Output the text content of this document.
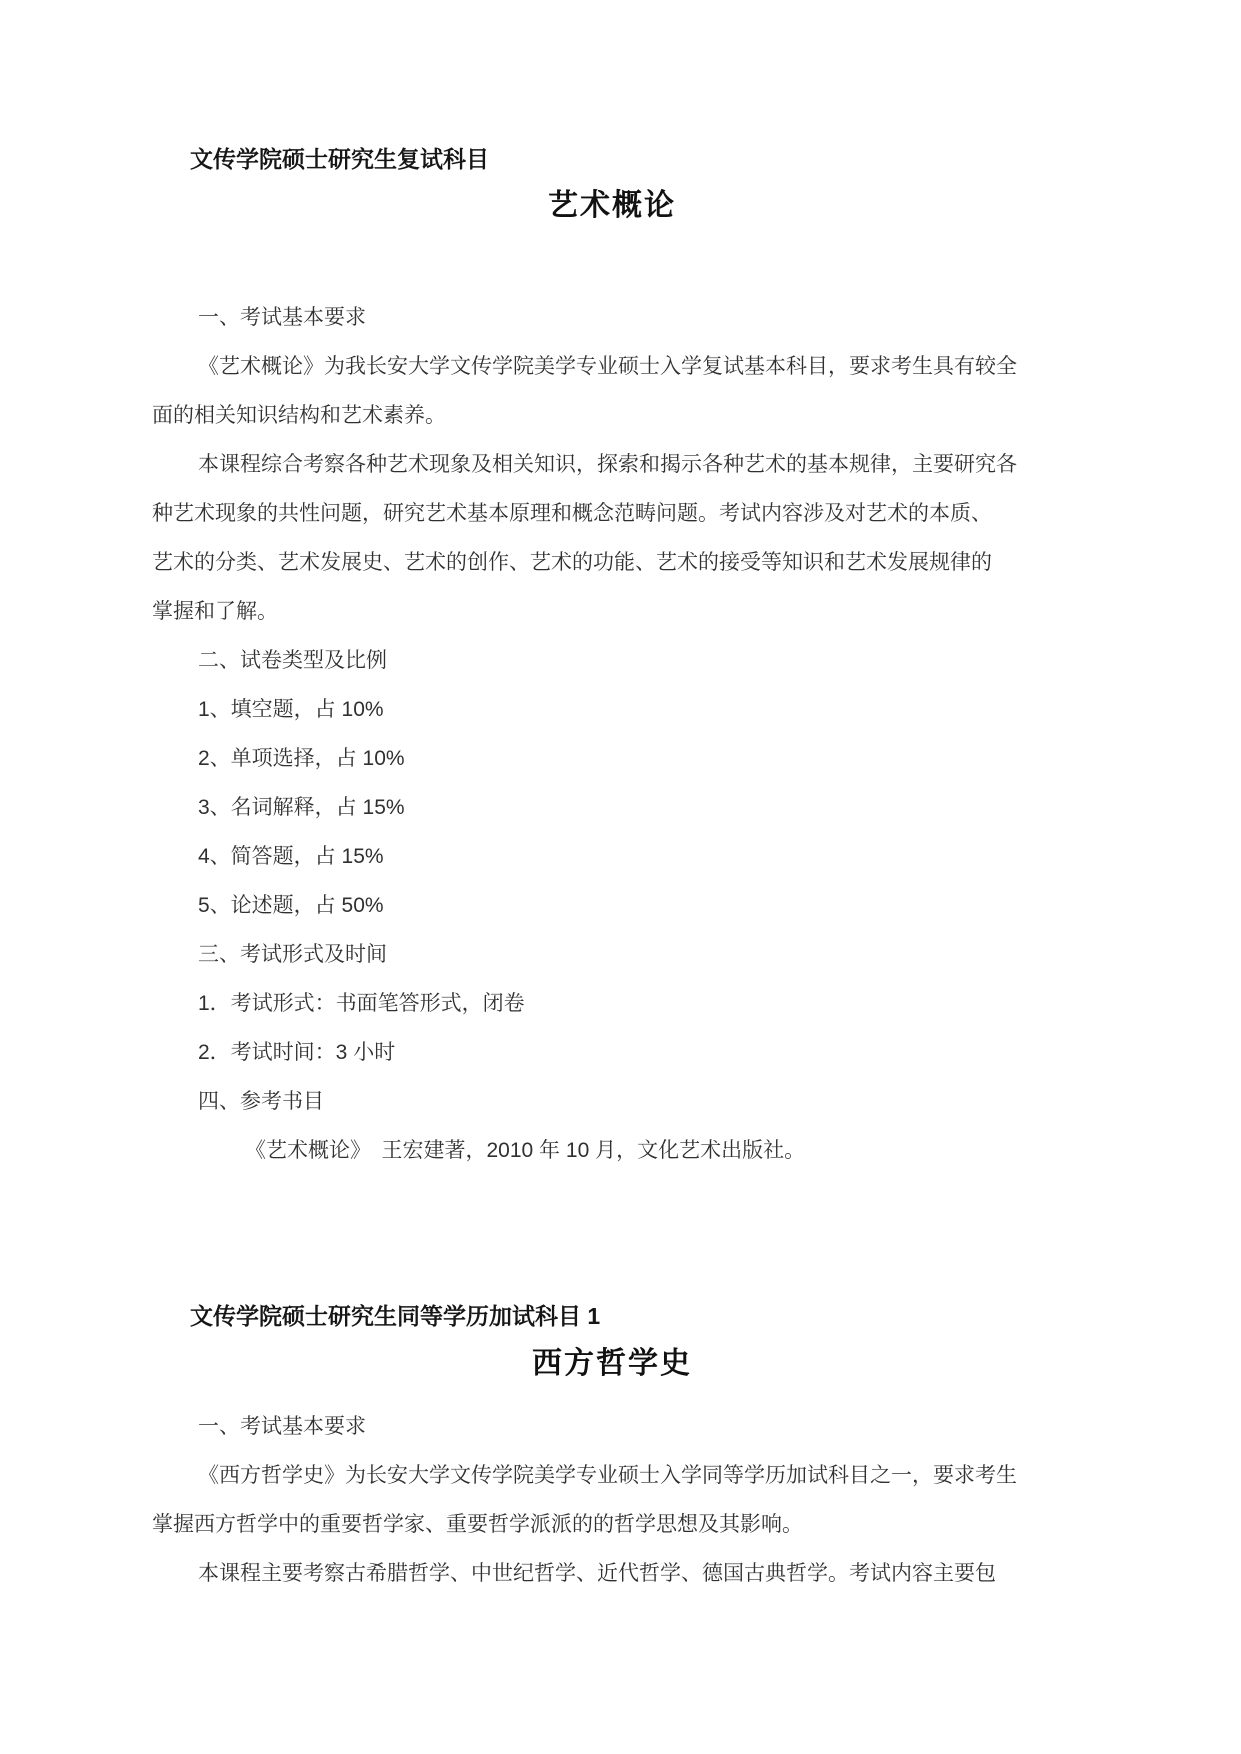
文传学院硕士研究生复试科目
艺术概论
一、考试基本要求
《艺术概论》为我长安大学文传学院美学专业硕士入学复试基本科目，要求考生具有较全
面的相关知识结构和艺术素养。
本课程综合考察各种艺术现象及相关知识，探索和揭示各种艺术的基本规律，主要研究各
种艺术现象的共性问题，研究艺术基本原理和概念范畴问题。考试内容涉及对艺术的本质、
艺术的分类、艺术发展史、艺术的创作、艺术的功能、艺术的接受等知识和艺术发展规律的
掌握和了解。
二、试卷类型及比例
1、填空题，占 10%
2、单项选择，占 10%
3、名词解释，占 15%
4、简答题，占 15%
5、论述题，占 50%
三、考试形式及时间
1．考试形式：书面笔答形式，闭卷
2．考试时间：3 小时
四、参考书目
《艺术概论》　王宏建著，2010 年 10 月，文化艺术出版社。
文传学院硕士研究生同等学历加试科目 1
西方哲学史
一、考试基本要求
《西方哲学史》为长安大学文传学院美学专业硕士入学同等学历加试科目之一，要求考生
掌握西方哲学中的重要哲学家、重要哲学派派的的哲学思想及其影响。
本课程主要考察古希腊哲学、中世纪哲学、近代哲学、德国古典哲学。考试内容主要包
